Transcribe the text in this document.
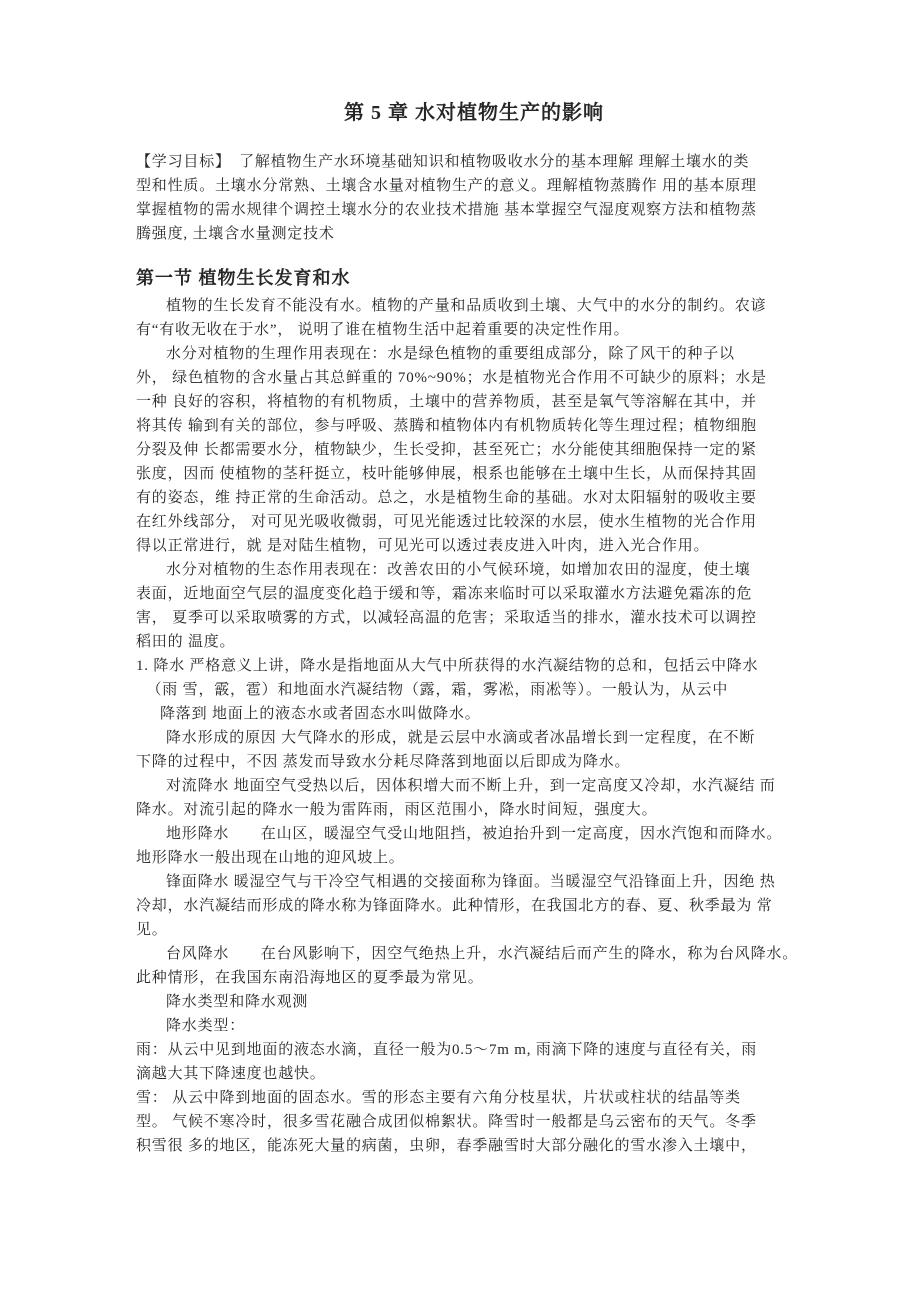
第 5 章 水对植物生产的影响
【学习目标】　了解植物生产水环境基础知识和植物吸收水分的基本理解 理解土壤水的类
型和性质。土壤水分常熟、土壤含水量对植物生产的意义。理解植物蒸腾作 用的基本原理
掌握植物的需水规律个调控土壤水分的农业技术措施 基本掌握空气湿度观察方法和植物蒸
腾强度, 土壤含水量测定技术
第一节 植物生长发育和水
植物的生长发育不能没有水。植物的产量和品质收到土壤、大气中的水分的制约。农谚
有“有收无收在于水”， 说明了谁在植物生活中起着重要的决定性作用。
水分对植物的生理作用表现在：水是绿色植物的重要组成部分，除了风干的种子以
外， 绿色植物的含水量占其总鲜重的 70%~90%；水是植物光合作用不可缺少的原料；水是
一种 良好的容积，将植物的有机物质，土壤中的营养物质，甚至是氧气等溶解在其中，并
将其传 输到有关的部位，参与呼吸、蒸腾和植物体内有机物质转化等生理过程；植物细胞
分裂及伸 长都需要水分，植物缺少，生长受抑，甚至死亡；水分能使其细胞保持一定的紧
张度，因而 使植物的茎秆挺立，枝叶能够伸展，根系也能够在土壤中生长，从而保持其固
有的姿态，维 持正常的生命活动。总之，水是植物生命的基础。水对太阳辐射的吸收主要
在红外线部分， 对可见光吸收微弱，可见光能透过比较深的水层，使水生植物的光合作用
得以正常进行，就 是对陆生植物，可见光可以透过表皮进入叶肉，进入光合作用。
水分对植物的生态作用表现在：改善农田的小气候环境，如增加农田的湿度，使土壤
表面，近地面空气层的温度变化趋于缓和等，霜冻来临时可以采取灌水方法避免霜冻的危
害， 夏季可以采取喷雾的方式，以减轻高温的危害；采取适当的排水，灌水技术可以调控
稻田的 温度。
1. 降水 严格意义上讲，降水是指地面从大气中所获得的水汽凝结物的总和，包括云中降水
（雨 雪，霰，雹）和地面水汽凝结物（露，霜，雾凇，雨凇等）。一般认为，从云中
降落到 地面上的液态水或者固态水叫做降水。
降水形成的原因 大气降水的形成，就是云层中水滴或者冰晶增长到一定程度，在不断
下降的过程中，不因 蒸发而导致水分耗尽降落到地面以后即成为降水。
对流降水 地面空气受热以后，因体积增大而不断上升，到一定高度又冷却，水汽凝结 而
降水。对流引起的降水一般为雷阵雨，雨区范围小，降水时间短，强度大。
地形降水　　在山区，暖湿空气受山地阻挡，被迫抬升到一定高度，因水汽饱和而降水。
地形降水一般出现在山地的迎风坡上。
锋面降水 暖湿空气与干冷空气相遇的交接面称为锋面。当暖湿空气沿锋面上升，因绝 热
冷却，水汽凝结而形成的降水称为锋面降水。此种情形，在我国北方的春、夏、秋季最为 常
见。
台风降水　　在台风影响下，因空气绝热上升，水汽凝结后而产生的降水，称为台风降水。
此种情形，在我国东南沿海地区的夏季最为常见。
降水类型和降水观测
降水类型：
雨：从云中见到地面的液态水滴，直径一般为0.5〜7m m, 雨滴下降的速度与直径有关，雨
滴越大其下降速度也越快。
雪： 从云中降到地面的固态水。雪的形态主要有六角分枝星状，片状或柱状的结晶等类
型。 气候不寒冷时，很多雪花融合成团似棉絮状。降雪时一般都是乌云密布的天气。冬季
积雪很 多的地区，能冻死大量的病菌，虫卵，春季融雪时大部分融化的雪水渗入土壤中，
